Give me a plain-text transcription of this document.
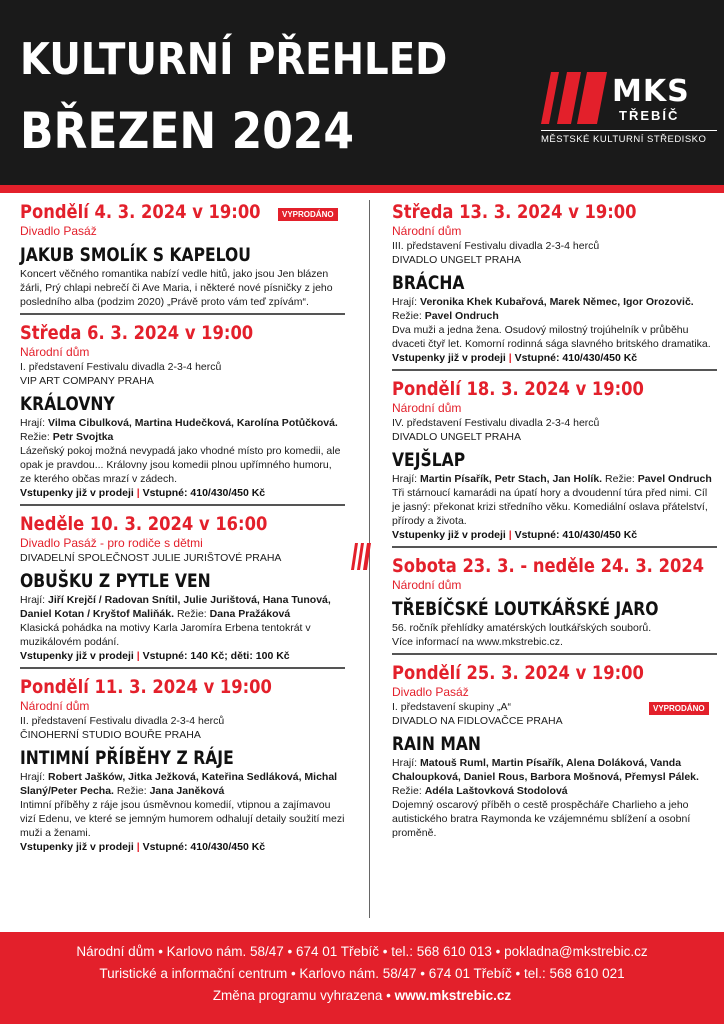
KULTURNÍ PŘEHLED
BŘEZEN 2024
MKS
TŘEBÍČ
MĚSTSKÉ KULTURNÍ STŘEDISKO
VYPRODÁNO
VYPRODÁNO
Pondělí 4. 3. 2024 v 19:00
Divadlo Pasáž
JAKUB SMOLÍK S KAPELOU
Koncert věčného romantika nabízí vedle hitů, jako jsou Jen blázen žárli, Prý chlapi nebrečí či Ave Maria, i některé nové písničky z jeho posledního alba (podzim 2020) „Právě proto vám teď zpívám“.
Středa 6. 3. 2024 v 19:00
Národní dům
I. představení Festivalu divadla 2-3-4 herců
VIP ART COMPANY PRAHA
KRÁLOVNY
Hrají: Vilma Cibulková, Martina Hudečková, Karolína Potůčková.
Režie: Petr Svojtka
Lázeňský pokoj možná nevypadá jako vhodné místo pro komedii, ale opak je pravdou... Královny jsou komedii plnou upřímného humoru, ze kterého občas mrazí v zádech.
Vstupenky již v prodeji | Vstupné: 410/430/450 Kč
Neděle 10. 3. 2024 v 16:00
Divadlo Pasáž - pro rodiče s dětmi
DIVADELNÍ SPOLEČNOST JULIE JURIŠTOVÉ PRAHA
OBUŠKU Z PYTLE VEN
Hrají: Jiří Krejčí / Radovan Snítil, Julie Jurištová, Hana Tunová, Daniel Kotan / Kryštof Maliňák. Režie: Dana Pražáková
Klasická pohádka na motivy Karla Jaromíra Erbena tentokrát v muzikálovém podání.
Vstupenky již v prodeji | Vstupné: 140 Kč; děti: 100 Kč
Pondělí 11. 3. 2024 v 19:00
Národní dům
II. představení Festivalu divadla 2-3-4 herců
ČINOHERNÍ STUDIO BOUŘE PRAHA
INTIMNÍ PŘÍBĚHY Z RÁJE
Hrají: Robert Jašków, Jitka Ježková, Kateřina Sedláková, Michal Slaný/Peter Pecha. Režie: Jana Janěková
Intimní příběhy z ráje jsou úsměvnou komedií, vtipnou a zajímavou vizí Edenu, ve které se jemným humorem odhalují detaily soužití mezi muži a ženami.
Vstupenky již v prodeji | Vstupné: 410/430/450 Kč
Středa 13. 3. 2024 v 19:00
Národní dům
III. představení Festivalu divadla 2-3-4 herců
DIVADLO UNGELT PRAHA
BRÁCHA
Hrají: Veronika Khek Kubařová, Marek Němec, Igor Orozovič.
Režie: Pavel Ondruch
Dva muži a jedna žena. Osudový milostný trojúhelník v průběhu dvaceti čtyř let. Komorní rodinná sága slavného britského dramatika.
Vstupenky již v prodeji | Vstupné: 410/430/450 Kč
Pondělí 18. 3. 2024 v 19:00
Národní dům
IV. představení Festivalu divadla 2-3-4 herců
DIVADLO UNGELT PRAHA
VEJŠLAP
Hrají: Martin Písařík, Petr Stach, Jan Holík. Režie: Pavel Ondruch
Tři stárnoucí kamarádi na úpatí hory a dvoudenní túra před nimi. Cíl je jasný: překonat krizi středního věku. Komediální oslava přátelství, přírody a života.
Vstupenky již v prodeji | Vstupné: 410/430/450 Kč
Sobota 23. 3. - neděle 24. 3. 2024
Národní dům
TŘEBÍČSKÉ LOUTKÁŘSKÉ JARO
56. ročník přehlídky amatérských loutkářských souborů.
Více informací na www.mkstrebic.cz.
Pondělí 25. 3. 2024 v 19:00
Divadlo Pasáž
I. představení skupiny „A“
DIVADLO NA FIDLOVAČCE PRAHA
RAIN MAN
Hrají: Matouš Ruml, Martin Písařík, Alena Doláková, Vanda Chaloupková, Daniel Rous, Barbora Mošnová, Přemysl Pálek.
Režie: Adéla Laštovková Stodolová
Dojemný oscarový příběh o cestě prospěcháře Charlieho a jeho autistického bratra Raymonda ke vzájemnému sblížení a osobní proměně.
Národní dům • Karlovo nám. 58/47 • 674 01 Třebíč • tel.: 568 610 013 • pokladna@mkstrebic.cz
Turistické a informační centrum • Karlovo nám. 58/47 • 674 01 Třebíč • tel.: 568 610 021
Změna programu vyhrazena • www.mkstrebic.cz
